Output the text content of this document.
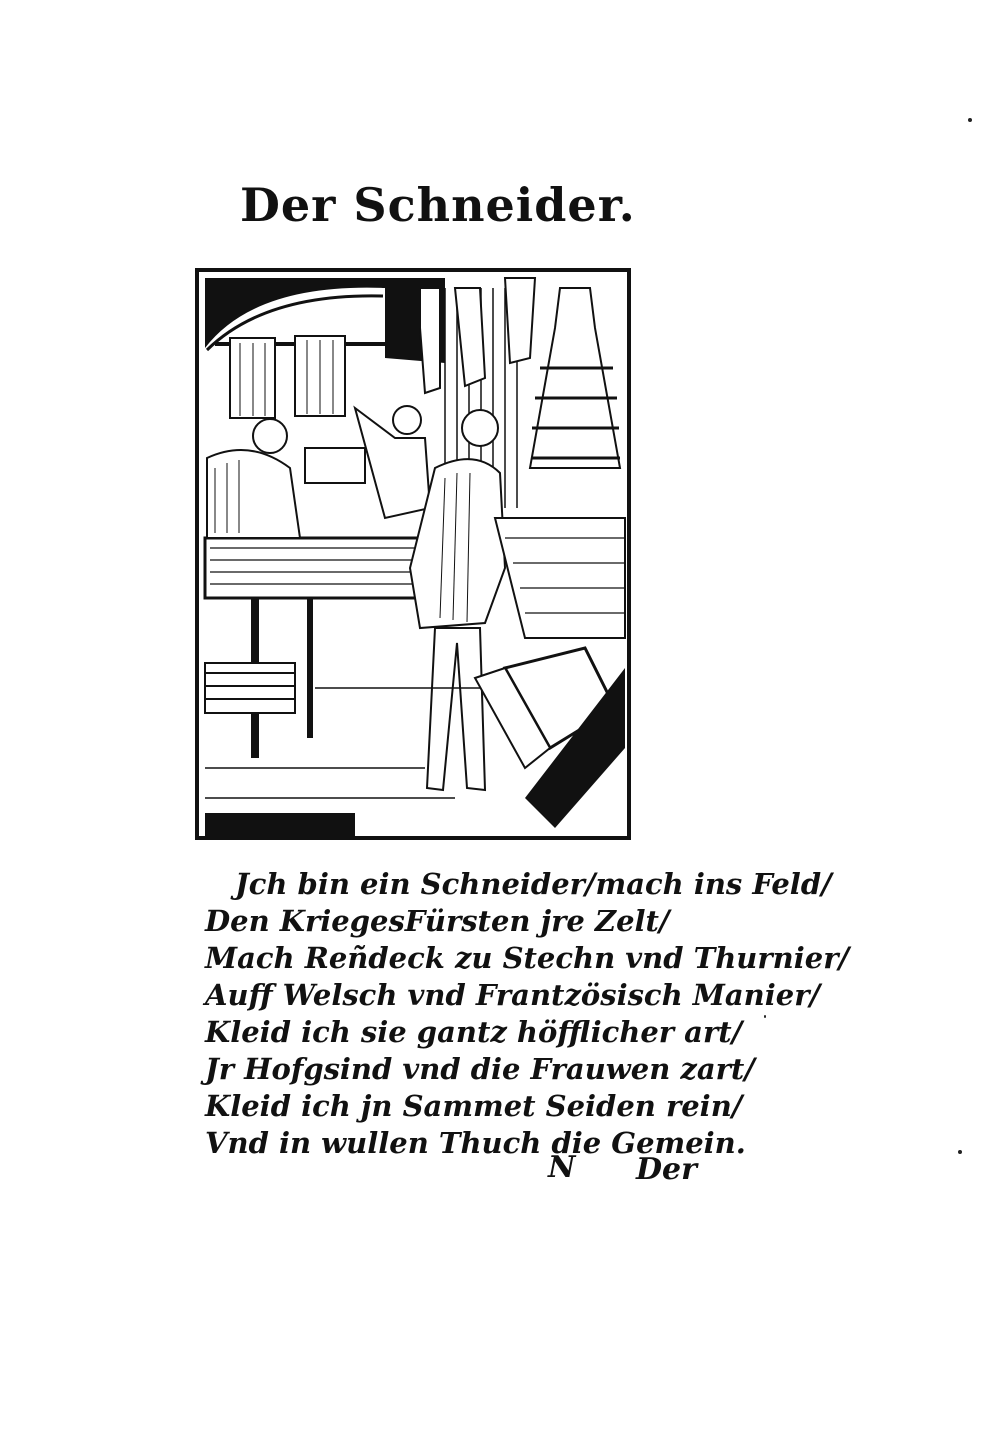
Der Schneider.
Jch bin ein Schneider/mach ins Feld/
Den KriegesFürsten jre Zelt/
Mach Reñdeck zu Stechn vnd Thurnier/
Auff Welsch vnd Frantzösisch Manier/
Kleid ich sie gantz höfflicher art/
Jr Hofgsind vnd die Frauwen zart/
Kleid ich jn Sammet Seiden rein/
Vnd in wullen Thuch die Gemein.
N Der
